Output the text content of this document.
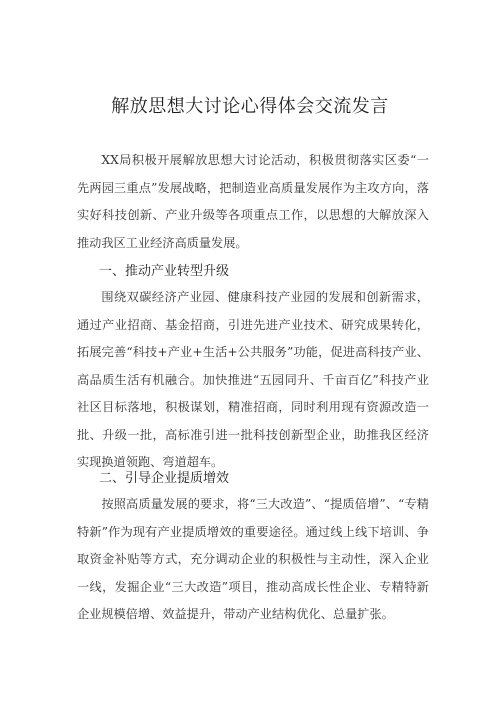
解放思想大讨论心得体会交流发言

XX局积极开展解放思想大讨论活动，积极贯彻落实区委“一先两园三重点”发展战略，把制造业高质量发展作为主攻方向，落实好科技创新、产业升级等各项重点工作，以思想的大解放深入推动我区工业经济高质量发展。

一、推动产业转型升级

围绕双碳经济产业园、健康科技产业园的发展和创新需求，通过产业招商、基金招商，引进先进产业技术、研究成果转化，拓展完善“科技+产业+生活+公共服务”功能，促进高科技产业、高品质生活有机融合。加快推进“五园同升、千亩百亿”科技产业社区目标落地，积极谋划，精准招商，同时利用现有资源改造一批、升级一批，高标准引进一批科技创新型企业，助推我区经济实现换道领跑、弯道超车。

二、引导企业提质增效

按照高质量发展的要求，将“三大改造”、“提质倍增”、“专精特新”作为现有产业提质增效的重要途径。通过线上线下培训、争取资金补贴等方式，充分调动企业的积极性与主动性，深入企业一线，发掘企业“三大改造”项目，推动高成长性企业、专精特新企业规模倍增、效益提升，带动产业结构优化、总量扩张。
